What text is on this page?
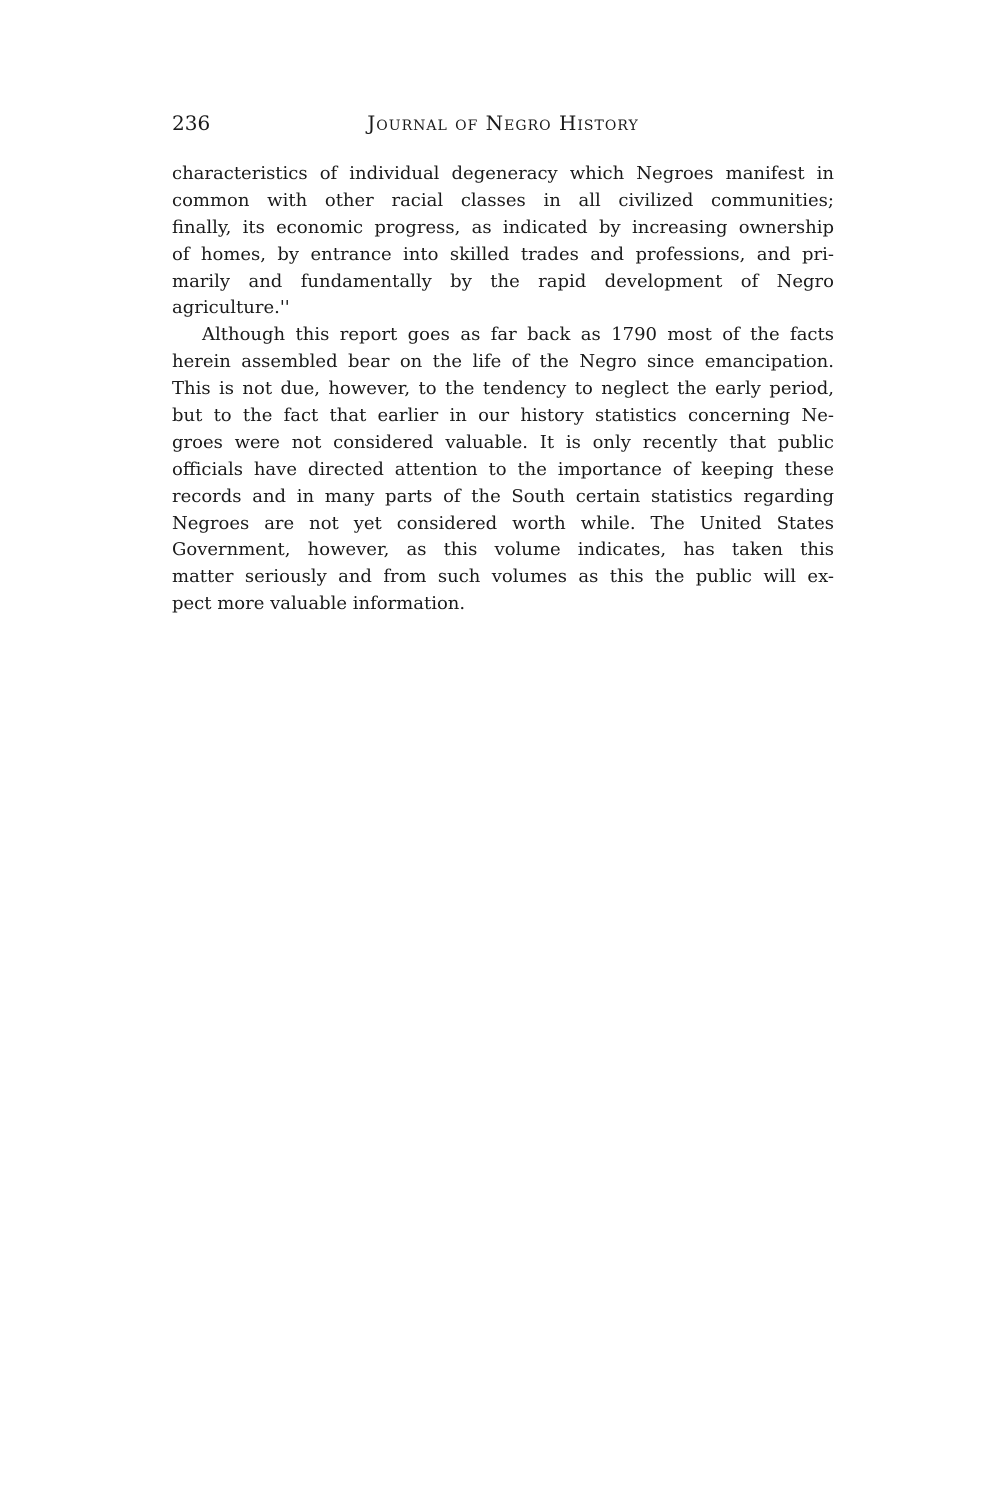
236	Journal of Negro History
characteristics of individual degeneracy which Negroes manifest in
common with other racial classes in all civilized communities;
finally, its economic progress, as indicated by increasing ownership
of homes, by entrance into skilled trades and professions, and pri-
marily and fundamentally by the rapid development of Negro
agriculture.''
Although this report goes as far back as 1790 most of the facts
herein assembled bear on the life of the Negro since emancipation.
This is not due, however, to the tendency to neglect the early period,
but to the fact that earlier in our history statistics concerning Ne-
groes were not considered valuable. It is only recently that public
officials have directed attention to the importance of keeping these
records and in many parts of the South certain statistics regarding
Negroes are not yet considered worth while. The United States
Government, however, as this volume indicates, has taken this
matter seriously and from such volumes as this the public will ex-
pect more valuable information.
